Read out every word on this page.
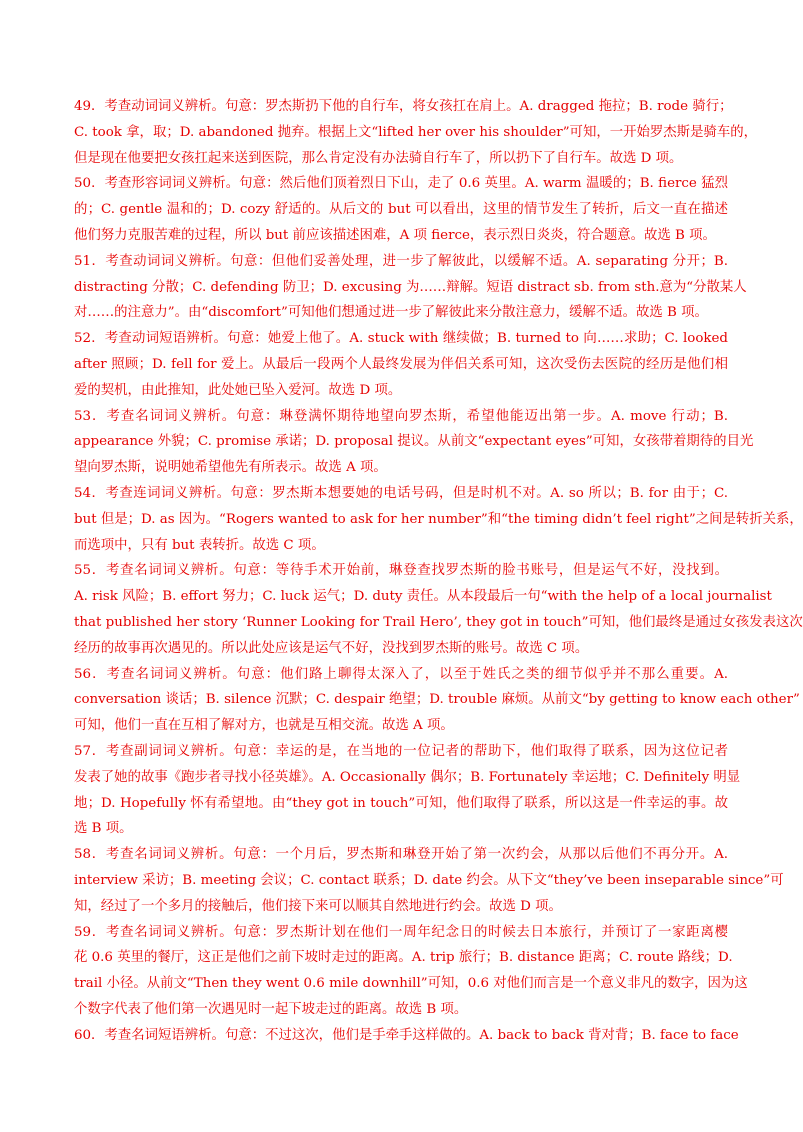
49．考查动词词义辨析。句意：罗杰斯扔下他的自行车，将女孩扛在肩上。A. dragged 拖拉；B. rode 骑行；
C. took 拿，取；D. abandoned 抛弃。根据上文“lifted her over his shoulder”可知，一开始罗杰斯是骑车的，
但是现在他要把女孩扛起来送到医院，那么肯定没有办法骑自行车了，所以扔下了自行车。故选 D 项。
50．考查形容词词义辨析。句意：然后他们顶着烈日下山，走了 0.6 英里。A. warm 温暖的；B. fierce 猛烈
的；C. gentle 温和的；D. cozy 舒适的。从后文的 but 可以看出，这里的情节发生了转折，后文一直在描述
他们努力克服苦难的过程，所以 but 前应该描述困难，A 项 fierce，表示烈日炎炎，符合题意。故选 B 项。
51．考查动词词义辨析。句意：但他们妥善处理，进一步了解彼此，以缓解不适。A. separating 分开；B.
distracting 分散；C. defending 防卫；D. excusing 为……辩解。短语 distract sb. from sth.意为“分散某人
对……的注意力”。由“discomfort”可知他们想通过进一步了解彼此来分散注意力，缓解不适。故选 B 项。
52．考查动词短语辨析。句意：她爱上他了。A. stuck with 继续做；B. turned to 向……求助；C. looked
after 照顾；D. fell for 爱上。从最后一段两个人最终发展为伴侣关系可知，这次受伤去医院的经历是他们相
爱的契机，由此推知，此处她已坠入爱河。故选 D 项。
53．考查名词词义辨析。句意：琳登满怀期待地望向罗杰斯，希望他能迈出第一步。A. move 行动；B.
appearance 外貌；C. promise 承诺；D. proposal 提议。从前文“expectant eyes”可知，女孩带着期待的目光
望向罗杰斯，说明她希望他先有所表示。故选 A 项。
54．考查连词词义辨析。句意：罗杰斯本想要她的电话号码，但是时机不对。A. so 所以；B. for 由于；C.
but 但是；D. as 因为。“Rogers wanted to ask for her number”和“the timing didn’t feel right”之间是转折关系，
而选项中，只有 but 表转折。故选 C 项。
55．考查名词词义辨析。句意：等待手术开始前，琳登查找罗杰斯的脸书账号，但是运气不好，没找到。
A. risk 风险；B. effort 努力；C. luck 运气；D. duty 责任。从本段最后一句“with the help of a local journalist
that published her story ‘Runner Looking for Trail Hero’, they got in touch”可知，他们最终是通过女孩发表这次
经历的故事再次遇见的。所以此处应该是运气不好，没找到罗杰斯的账号。故选 C 项。
56．考查名词词义辨析。句意：他们路上聊得太深入了，以至于姓氏之类的细节似乎并不那么重要。A.
conversation 谈话；B. silence 沉默；C. despair 绝望；D. trouble 麻烦。从前文“by getting to know each other”
可知，他们一直在互相了解对方，也就是互相交流。故选 A 项。
57．考查副词词义辨析。句意：幸运的是，在当地的一位记者的帮助下，他们取得了联系，因为这位记者
发表了她的故事《跑步者寻找小径英雄》。A. Occasionally 偶尔；B. Fortunately 幸运地；C. Definitely 明显
地；D. Hopefully 怀有希望地。由“they got in touch”可知，他们取得了联系，所以这是一件幸运的事。故
选 B 项。
58．考查名词词义辨析。句意：一个月后，罗杰斯和琳登开始了第一次约会，从那以后他们不再分开。A.
interview 采访；B. meeting 会议；C. contact 联系；D. date 约会。从下文“they’ve been inseparable since”可
知，经过了一个多月的接触后，他们接下来可以顺其自然地进行约会。故选 D 项。
59．考查名词词义辨析。句意：罗杰斯计划在他们一周年纪念日的时候去日本旅行，并预订了一家距离樱
花 0.6 英里的餐厅，这正是他们之前下坡时走过的距离。A. trip 旅行；B. distance 距离；C. route 路线；D.
trail 小径。从前文“Then they went 0.6 mile downhill”可知，0.6 对他们而言是一个意义非凡的数字，因为这
个数字代表了他们第一次遇见时一起下坡走过的距离。故选 B 项。
60．考查名词短语辨析。句意：不过这次，他们是手牵手这样做的。A. back to back 背对背；B. face to face
